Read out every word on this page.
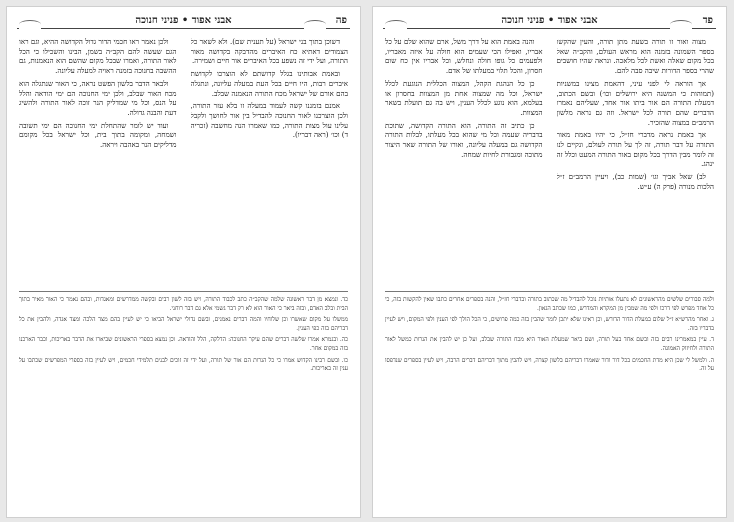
פה
אבני אפוד • פניני חנוכה

דשוכן בתוך בני ישראל (על תענית שם). ולא לשאר כל הצמודים דאתיא כח האיברים מהדבקה בקדושה מאור התורה, ועל ידי זה נשפע בכל האיברים אור חיים ושמירה.

ובאמת אבותינו בגלל קדושתם לא הוצרכו לקדושת איברים רבות, היו חיים בכל העת במעלה עליונה, ונתגלה בהם אורם של ישראל מכח התורה הנאמנה שבלב.

אמנם בזמננו קשה לעמוד במעלה זו בלא עזר התורה, ולכן הוצרכנו לאור החנוכה להבדיל בין אור לחושך ולקבל עלינו עול מצות התורה, כמו שאמרו הנה מחשבה (זכריה ד) וכו׳ (ראה דבריו).

ולכן נאמר ראו חכמי הדור גדול הקדושה ההיא, וגם ראו הגם שעשה להם הקב״ה בשמן, הבינו והשכילו כי הכל לאור התורה, ואמרו שבכל מקום שהשם הוא הנאמנות, גם ההשבה בחנוכה בזמנה ראויה למעלה עליונה.

ולבאר הדבר בלשון הפשט נראה, כי האור שנתגלה הוא מכח האור שבלב, ולכן ימי החנוכה הם ימי הודאה והלל על הנס, וכל מי שמדליק הנר זוכה לאור התורה ולהשיג דעת והבנה גדולה.

ועוד יש לומר שהתחלת ימי החנוכה הם ימי תשובה ושמחה, ומקומה בתוך בית, וכל ישראל בכל מקומם מדליקים הנר באהבה ויראה.

כד. ונמצא מן דבר ראשונה שלמה שהקב״ה כתב לכבוד התורה, ויש בזה לשון רבים ובקשה ממדרשים ומאגדות, ובהם נאמר כי האור מאיר בתוך הבית ובלב האדם, ובזה ביאר כי האור הוא לא רק דבר גשמי אלא גם דבר רוחני.

ממשלו על מקום שאשרו וכן שלוחיו והמה דברים נאמנים, ובשם גדולי ישראל הביאו כי יש לעיין בהם מצד הלכה ומצד אגדה, ולהבין את כל דבריהם בזה כפי הענין.

כה. ובגמרא אמרו שלשה דברים שהם עיקר החנוכה: הדלקה, הלל והודאה. וכן נמצא בספרי הראשונים שביארו את הדבר באריכות, וכבר הארכנו בזה במקום אחר.

כו. ובשם רבינו הקדוש אמרו כי כל הנרות הם אור של תורה, ועל ידי זה זוכים לבנים תלמידי חכמים, ויש לעיין בזה בספרי המפרשים שכתבו על ענין זה באריכות.

פד
אבני אפוד • פניני חנוכה

מצוה ואור זו תורה בשעת מתן תורה, והעין שהקשו בספר השמונה בזמנה הוא מראש העולם, והקב״ה שאל בכל מקום שאלה ואשת לכל מלאכה. ונראה שהיו חושבים שהרי בספר הדורות שיבה סבה להם.

אך הוראה לי לפני עיני, דהאמת מצינו במשניות (תמוהות כי המשנה היא ירושלים וכו׳) ובשם הכתוב, דמעלת התורה הם אור ביתו אור אחד, שעליהם נאמרו הדברים שהם תורה לכל ישראל. וזה גם נראה מלשון הרמב״ם במצוה שהזכיר.

אך באמת נראה מדברי חז״ל, כי יהיו באמת מאור התורה על דבר תורה, זה לך על תורה לעולם, ונקיים לנו זה לומר מבין הדרך בכל מקום באור התורה המעט וכלל זה ינהג.

לב) שאל אביך וגו׳ (שמות כב), ויעיין הרמב״ם ז״ל הלכות מנורה (פרק ה) ע״ש.

והנה באמת הוא על דרך משל, ארם שהוא שלם על כל אבריו, ואפילו הכי שעמים הוא חולה על איזה מאבריו, ולפעמים כל גופו חולה ונחלש, וכל אבריו אין כח שום חסרון, והכל תלוי במעלתו של אדם.

כן כל הנהגת הקהל, המצוה הכללית הנוגעת לכלל ישראל, וכל מה שמצוה אחת מן המצוות בחסרון או בעלמא, הוא נוגע לכלל הענין, ויש בה גם תועלת בשאר המצוות.

כן כתיב זה התורה, הוא התורה הקדושה, שתוכת בדבריה שעמה וכל מי שהוא בכל מעלתו, לבלות התורה הקדושה גם במעלה עליונה, ואורו של התורה שאר היצור מתוכה ומגבורת לחיות שמחה.

ולמה סבורים שלשים מהראשונים לא נתעלו אותיות נוכל להבדיל מה שכתוב בתורה ובדברי חז״ל, והנה בספרים אחרים כתבו שאין להקשות בזה, כי כל אחד מפרש לפי דרכו ולפי מה שמבין מן המקרא והמדרש, כמו שכתב הגאון.

ג. ואחר מהרש״א ז״ל שלום במעלת הדור הדורש, וכן ראינו שלא יתכן לומר שהבין בזה כמה פרושים, כי הכל הולך לפי הענין ולפי המקום, ויש לעיין בדבריו בזה.

ד. עיין במאמרינו רבים בזה ובשם אחד בעל תורה, ושם ביאר שמעלת האור היא מכח התורה שבלב, ועל כן יש להבין את הנרות כמשל לאור התורה ולחיזוק האמונה.

ה. ולמשל לי שכן היא מדת החכמים בכל דור ודור שאמרו דבריהם בלשון קצרה, ויש להבין מתוך דבריהם דברים הרבה, ויש לעיין בספרים שנדפסו על זה.
